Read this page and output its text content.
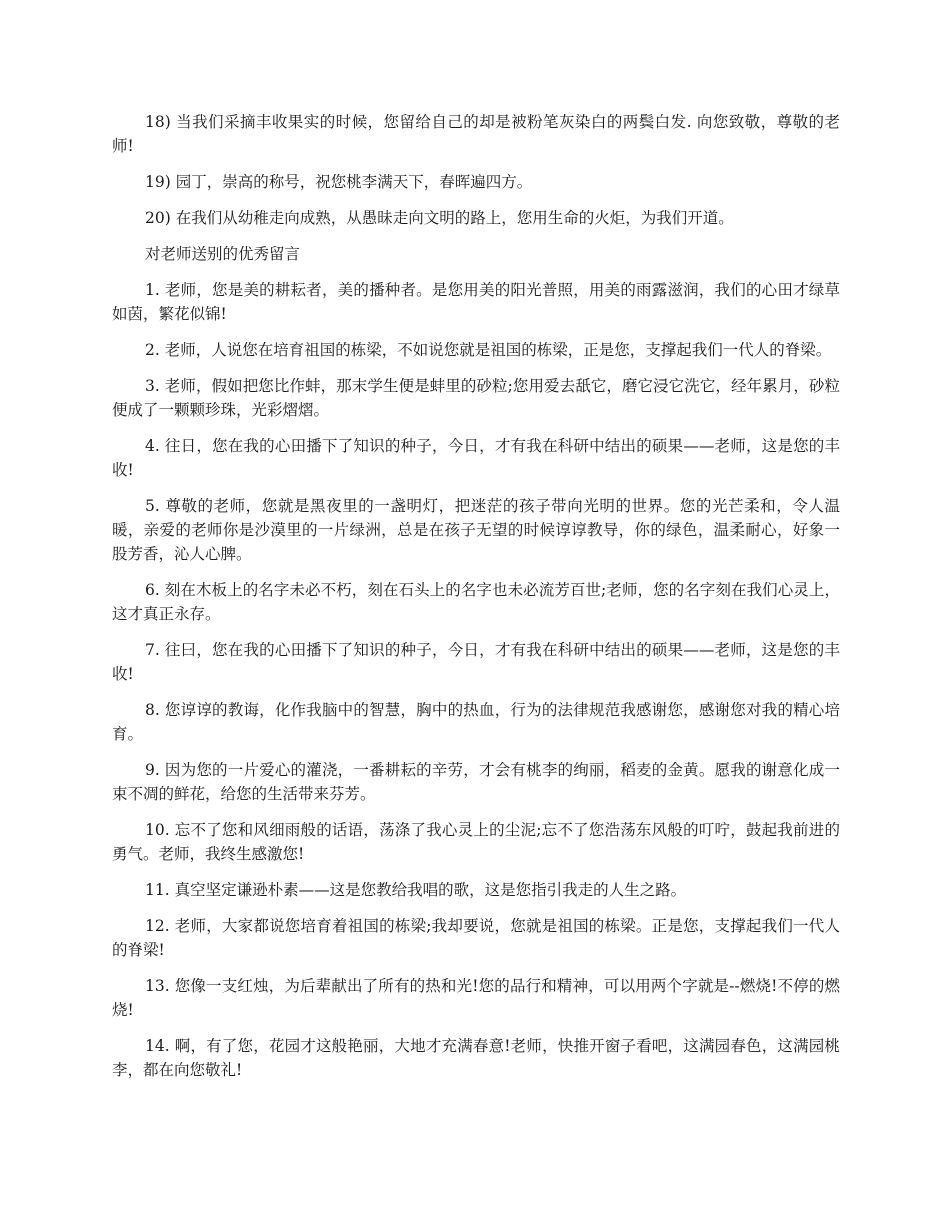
18) 当我们采摘丰收果实的时候，您留给自己的却是被粉笔灰染白的两鬓白发. 向您致敬，尊敬的老师!

19) 园丁，崇高的称号，祝您桃李满天下，春晖遍四方。

20) 在我们从幼稚走向成熟，从愚昧走向文明的路上，您用生命的火炬，为我们开道。

对老师送别的优秀留言

1. 老师，您是美的耕耘者，美的播种者。是您用美的阳光普照，用美的雨露滋润，我们的心田才绿草如茵，繁花似锦!

2. 老师，人说您在培育祖国的栋梁，不如说您就是祖国的栋梁，正是您，支撑起我们一代人的脊梁。

3. 老师，假如把您比作蚌，那末学生便是蚌里的砂粒;您用爱去舐它，磨它浸它洗它，经年累月，砂粒便成了一颗颗珍珠，光彩熠熠。

4. 往日，您在我的心田播下了知识的种子，今日，才有我在科研中结出的硕果——老师，这是您的丰收!

5. 尊敬的老师，您就是黑夜里的一盏明灯，把迷茫的孩子带向光明的世界。您的光芒柔和，令人温暖，亲爱的老师你是沙漠里的一片绿洲，总是在孩子无望的时候谆谆教导，你的绿色，温柔耐心，好象一股芳香，沁人心脾。

6. 刻在木板上的名字未必不朽，刻在石头上的名字也未必流芳百世;老师，您的名字刻在我们心灵上，这才真正永存。

7. 往曰，您在我的心田播下了知识的种子，今日，才有我在科研中结出的硕果——老师，这是您的丰收!

8. 您谆谆的教诲，化作我脑中的智慧，胸中的热血，行为的法律规范我感谢您，感谢您对我的精心培育。

9. 因为您的一片爱心的灌浇，一番耕耘的辛劳，才会有桃李的绚丽，稻麦的金黄。愿我的谢意化成一束不凋的鲜花，给您的生活带来芬芳。

10. 忘不了您和风细雨般的话语，荡涤了我心灵上的尘泥;忘不了您浩荡东风般的叮咛，鼓起我前进的勇气。老师，我终生感激您!

11. 真空坚定谦逊朴素——这是您教给我唱的歌，这是您指引我走的人生之路。

12. 老师，大家都说您培育着祖国的栋梁;我却要说，您就是祖国的栋梁。正是您，支撑起我们一代人的脊梁!

13. 您像一支红烛，为后辈献出了所有的热和光!您的品行和精神，可以用两个字就是--燃烧!不停的燃烧!

14. 啊，有了您，花园才这般艳丽，大地才充满春意!老师，快推开窗子看吧，这满园春色，这满园桃李，都在向您敬礼!
